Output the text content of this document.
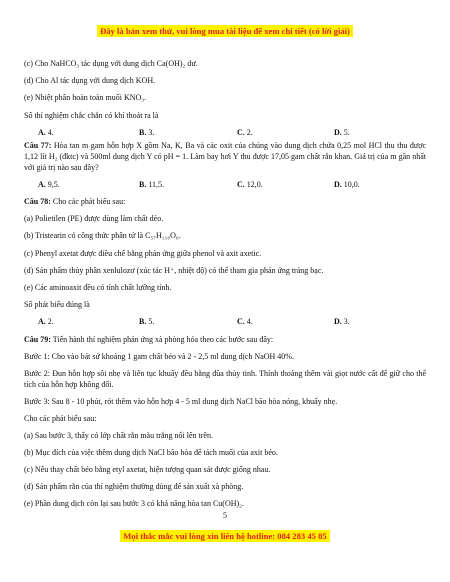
Đây là bản xem thử, vui lòng mua tài liệu để xem chi tiết (có lời giải)
(c) Cho NaHCO₃ tác dụng với dung dịch Ca(OH)₂ dư.
(d) Cho Al tác dụng với dung dịch KOH.
(e) Nhiệt phân hoàn toàn muối KNO₃.
Số thí nghiệm chắc chắn có khí thoát ra là
A. 4.	B. 3.	C. 2.	D. 5.
Câu 77: Hòa tan m gam hỗn hợp X gồm Na, K, Ba và các oxit của chúng vào dung dịch chứa 0,25 mol HCl thu thu được 1,12 lít H₂ (đktc) và 500ml dung dịch Y có pH = 1. Làm bay hơi Y thu được 17,05 gam chất rắn khan. Giá trị của m gần nhất với giá trị nào sau đây?
A. 9,5.	B. 11,5.	C. 12,0.	D. 10,0.
Câu 78: Cho các phát biểu sau:
(a) Polietilen (PE) được dùng làm chất dẻo.
(b) Tristearin có công thức phân tử là C₅₇H₁₁₀O₆.
(c) Phenyl axetat được điều chế bằng phản ứng giữa phenol và axit axetic.
(d) Sản phẩm thủy phân xenlulozơ (xúc tác H⁺, nhiệt độ) có thể tham gia phản ứng tráng bạc.
(e) Các aminoaxit đều có tính chất lưỡng tính.
Số phát biểu đúng là
A. 2.	B. 5.	C. 4.	D. 3.
Câu 79: Tiến hành thí nghiệm phản ứng xà phòng hóa theo các bước sau đây:
Bước 1: Cho vào bát sứ khoảng 1 gam chất béo và 2 - 2,5 ml dung dịch NaOH 40%.
Bước 2: Đun hỗn hợp sôi nhẹ và liên tục khuấy đều bằng đũa thủy tinh. Thỉnh thoảng thêm vài giọt nước cất để giữ cho thể tích của hỗn hợp không đổi.
Bước 3: Sau 8 - 10 phút, rót thêm vào hỗn hợp 4 - 5 ml dung dịch NaCl bão hòa nóng, khuấy nhẹ.
Cho các phát biểu sau:
(a) Sau bước 3, thấy có lớp chất rắn màu trắng nổi lên trên.
(b) Mục đích của việc thêm dung dịch NaCl bão hòa để tách muối của axit béo.
(c) Nếu thay chất béo bằng etyl axetat, hiện tượng quan sát được giống nhau.
(d) Sản phẩm rắn của thí nghiệm thường dùng để sản xuất xà phòng.
(e) Phần dung dịch còn lại sau bước 3 có khả năng hòa tan Cu(OH)₂.
5
Mọi thắc mắc vui lòng xin liên hệ hotline: 084 283 45 85
